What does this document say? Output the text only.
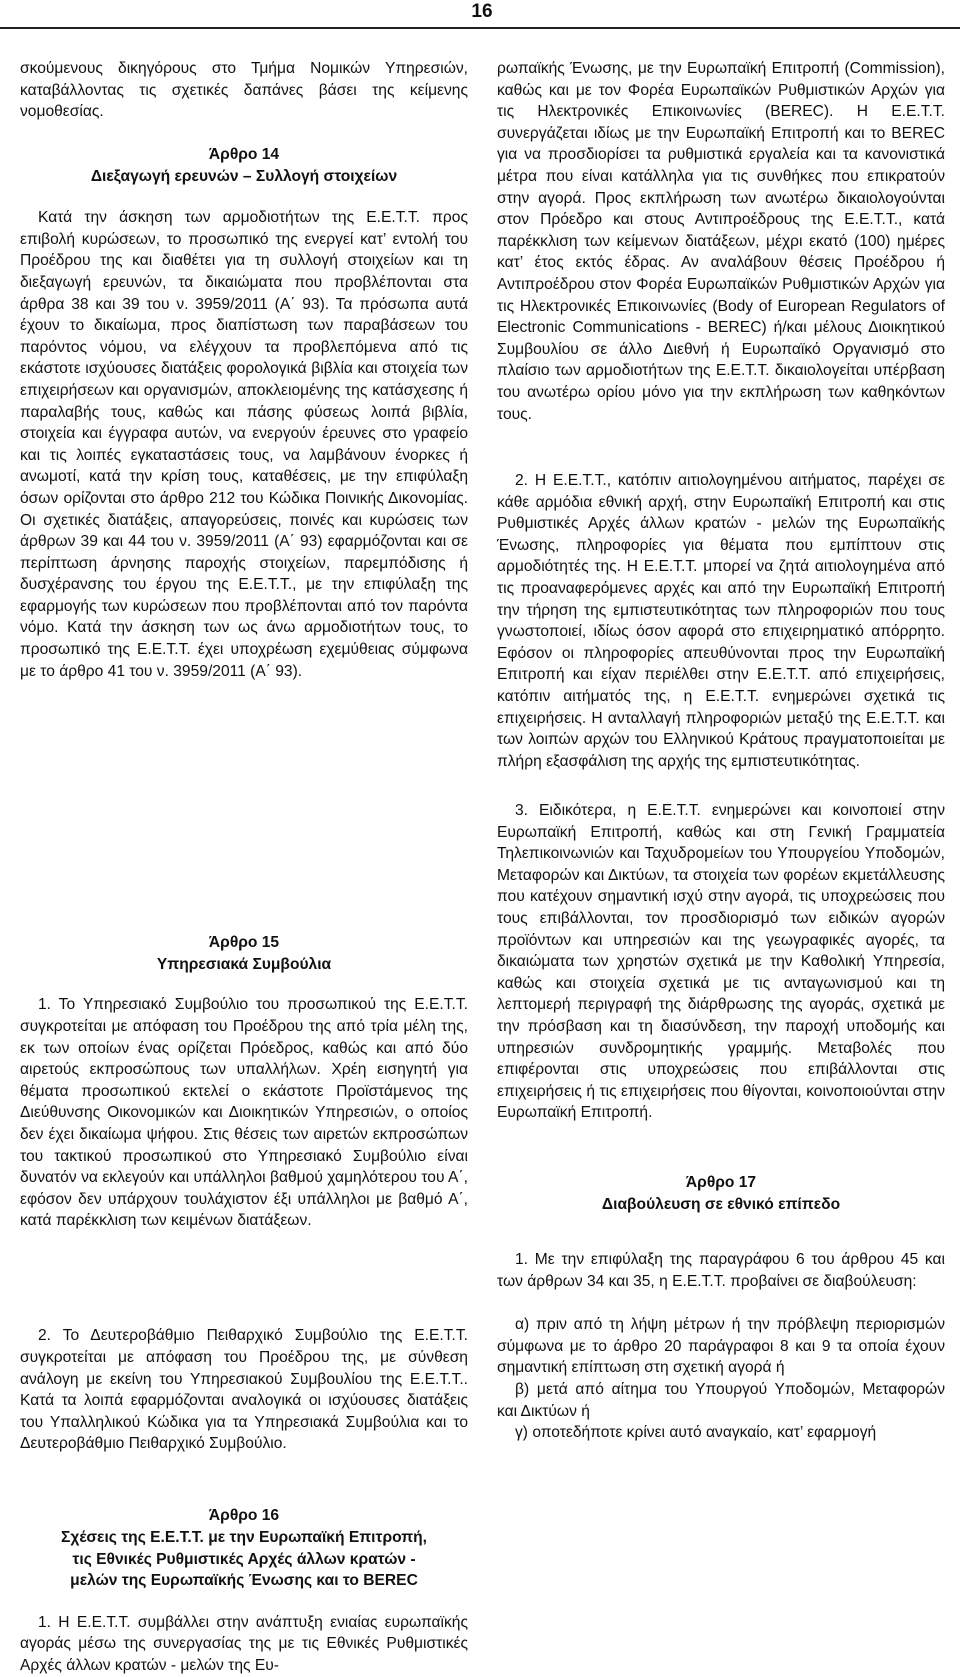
16

σκούμενους δικηγόρους στο Τμήμα Νομικών Υπηρεσιών, καταβάλλοντας τις σχετικές δαπάνες βάσει της κείμενης νομοθεσίας.

Άρθρο 14

Διεξαγωγή ερευνών – Συλλογή στοιχείων

Κατά την άσκηση των αρμοδιοτήτων της Ε.Ε.Τ.Τ. προς επιβολή κυρώσεων, το προσωπικό της ενεργεί κατ’ εντολή του Προέδρου της και διαθέτει για τη συλλογή στοιχείων και τη διεξαγωγή ερευνών, τα δικαιώματα που προβλέπονται στα άρθρα 38 και 39 του ν. 3959/2011 (Α΄ 93). Τα πρόσωπα αυτά έχουν το δικαίωμα, προς διαπίστωση των παραβάσεων του παρόντος νόμου, να ελέγχουν τα προβλεπόμενα από τις εκάστοτε ισχύουσες διατάξεις φορολογικά βιβλία και στοιχεία των επιχειρήσεων και οργανισμών, αποκλειομένης της κατάσχεσης ή παραλαβής τους, καθώς και πάσης φύσεως λοιπά βιβλία, στοιχεία και έγγραφα αυτών, να ενεργούν έρευνες στο γραφείο και τις λοιπές εγκαταστάσεις τους, να λαμβάνουν ένορκες ή ανωμοτί, κατά την κρίση τους, καταθέσεις, με την επιφύλαξη όσων ορίζονται στο άρθρο 212 του Κώδικα Ποινικής Δικονομίας. Οι σχετικές διατάξεις, απαγορεύσεις, ποινές και κυρώσεις των άρθρων 39 και 44 του ν. 3959/2011 (Α΄ 93) εφαρμόζονται και σε περίπτωση άρνησης παροχής στοιχείων, παρεμπόδισης ή δυσχέρανσης του έργου της Ε.Ε.Τ.Τ., με την επιφύλαξη της εφαρμογής των κυρώσεων που προβλέπονται από τον παρόντα νόμο. Κατά την άσκηση των ως άνω αρμοδιοτήτων τους, το προσωπικό της Ε.Ε.Τ.Τ. έχει υποχρέωση εχεμύθειας σύμφωνα με το άρθρο 41 του ν. 3959/2011 (Α΄ 93).

Άρθρο 15

Υπηρεσιακά Συμβούλια

1. Το Υπηρεσιακό Συμβούλιο του προσωπικού της Ε.Ε.Τ.Τ. συγκροτείται με απόφαση του Προέδρου της από τρία μέλη της, εκ των οποίων ένας ορίζεται Πρόεδρος, καθώς και από δύο αιρετούς εκπροσώπους των υπαλλήλων. Χρέη εισηγητή για θέματα προσωπικού εκτελεί ο εκάστοτε Προϊστάμενος της Διεύθυνσης Οικονομικών και Διοικητικών Υπηρεσιών, ο οποίος δεν έχει δικαίωμα ψήφου. Στις θέσεις των αιρετών εκπροσώπων του τακτικού προσωπικού στο Υπηρεσιακό Συμβούλιο είναι δυνατόν να εκλεγούν και υπάλληλοι βαθμού χαμηλότερου του Α΄, εφόσον δεν υπάρχουν τουλάχιστον έξι υπάλληλοι με βαθμό Α΄, κατά παρέκκλιση των κειμένων διατάξεων.

2. Το Δευτεροβάθμιο Πειθαρχικό Συμβούλιο της Ε.Ε.Τ.Τ. συγκροτείται με απόφαση του Προέδρου της, με σύνθεση ανάλογη με εκείνη του Υπηρεσιακού Συμβουλίου της Ε.Ε.Τ.Τ.. Κατά τα λοιπά εφαρμόζονται αναλογικά οι ισχύουσες διατάξεις του Υπαλληλικού Κώδικα για τα Υπηρεσιακά Συμβούλια και το Δευτεροβάθμιο Πειθαρχικό Συμβούλιο.

Άρθρο 16

Σχέσεις της Ε.Ε.Τ.Τ. με την Ευρωπαϊκή Επιτροπή,

τις Εθνικές Ρυθμιστικές Αρχές άλλων κρατών -

μελών της Ευρωπαϊκής Ένωσης και το BEREC

1. Η Ε.Ε.Τ.Τ. συμβάλλει στην ανάπτυξη ενιαίας ευρωπαϊκής αγοράς μέσω της συνεργασίας της με τις Εθνικές Ρυθμιστικές Αρχές άλλων κρατών - μελών της Ευ-

ρωπαϊκής Ένωσης, με την Ευρωπαϊκή Επιτροπή (Commission), καθώς και με τον Φορέα Ευρωπαϊκών Ρυθμιστικών Αρχών για τις Ηλεκτρονικές Επικοινωνίες (BEREC). Η Ε.Ε.Τ.Τ. συνεργάζεται ιδίως με την Ευρωπαϊκή Επιτροπή και το BEREC για να προσδιορίσει τα ρυθμιστικά εργαλεία και τα κανονιστικά μέτρα που είναι κατάλληλα για τις συνθήκες που επικρατούν στην αγορά. Προς εκπλήρωση των ανωτέρω δικαιολογούνται στον Πρόεδρο και στους Αντιπροέδρους της Ε.Ε.Τ.Τ., κατά παρέκκλιση των κείμενων διατάξεων, μέχρι εκατό (100) ημέρες κατ’ έτος εκτός έδρας. Αν αναλάβουν θέσεις Προέδρου ή Αντιπροέδρου στον Φορέα Ευρωπαϊκών Ρυθμιστικών Αρχών για τις Ηλεκτρονικές Επικοινωνίες (Body of European Regulators of Electronic Communications - BEREC) ή/και μέλους Διοικητικού Συμβουλίου σε άλλο Διεθνή ή Ευρωπαϊκό Οργανισμό στο πλαίσιο των αρμοδιοτήτων της Ε.Ε.Τ.Τ. δικαιολογείται υπέρβαση του ανωτέρω ορίου μόνο για την εκπλήρωση των καθηκόντων τους.

2. Η Ε.Ε.Τ.Τ., κατόπιν αιτιολογημένου αιτήματος, παρέχει σε κάθε αρμόδια εθνική αρχή, στην Ευρωπαϊκή Επιτροπή και στις Ρυθμιστικές Αρχές άλλων κρατών - μελών της Ευρωπαϊκής Ένωσης, πληροφορίες για θέματα που εμπίπτουν στις αρμοδιότητές της. Η Ε.Ε.Τ.Τ. μπορεί να ζητά αιτιολογημένα από τις προαναφερόμενες αρχές και από την Ευρωπαϊκή Επιτροπή την τήρηση της εμπιστευτικότητας των πληροφοριών που τους γνωστοποιεί, ιδίως όσον αφορά στο επιχειρηματικό απόρρητο. Εφόσον οι πληροφορίες απευθύνονται προς την Ευρωπαϊκή Επιτροπή και είχαν περιέλθει στην Ε.Ε.Τ.Τ. από επιχειρήσεις, κατόπιν αιτήματός της, η Ε.Ε.Τ.Τ. ενημερώνει σχετικά τις επιχειρήσεις. Η ανταλλαγή πληροφοριών μεταξύ της Ε.Ε.Τ.Τ. και των λοιπών αρχών του Ελληνικού Κράτους πραγματοποιείται με πλήρη εξασφάλιση της αρχής της εμπιστευτικότητας.

3. Ειδικότερα, η Ε.Ε.Τ.Τ. ενημερώνει και κοινοποιεί στην Ευρωπαϊκή Επιτροπή, καθώς και στη Γενική Γραμματεία Τηλεπικοινωνιών και Ταχυδρομείων του Υπουργείου Υποδομών, Μεταφορών και Δικτύων, τα στοιχεία των φορέων εκμετάλλευσης που κατέχουν σημαντική ισχύ στην αγορά, τις υποχρεώσεις που τους επιβάλλονται, τον προσδιορισμό των ειδικών αγορών προϊόντων και υπηρεσιών και της γεωγραφικές αγορές, τα δικαιώματα των χρηστών σχετικά με την Καθολική Υπηρεσία, καθώς και στοιχεία σχετικά με τις ανταγωνισμού και τη λεπτομερή περιγραφή της διάρθρωσης της αγοράς, σχετικά με την πρόσβαση και τη διασύνδεση, την παροχή υποδομής και υπηρεσιών συνδρομητικής γραμμής. Μεταβολές που επιφέρονται στις υποχρεώσεις που επιβάλλονται στις επιχειρήσεις ή τις επιχειρήσεις που θίγονται, κοινοποιούνται στην Ευρωπαϊκή Επιτροπή.

Άρθρο 17

Διαβούλευση σε εθνικό επίπεδο

1. Με την επιφύλαξη της παραγράφου 6 του άρθρου 45 και των άρθρων 34 και 35, η Ε.Ε.Τ.Τ. προβαίνει σε διαβούλευση:

α) πριν από τη λήψη μέτρων ή την πρόβλεψη περιορισμών σύμφωνα με το άρθρο 20 παράγραφοι 8 και 9 τα οποία έχουν σημαντική επίπτωση στη σχετική αγορά ή

β) μετά από αίτημα του Υπουργού Υποδομών, Μεταφορών και Δικτύων ή

γ) οποτεδήποτε κρίνει αυτό αναγκαίο, κατ’ εφαρμογή
